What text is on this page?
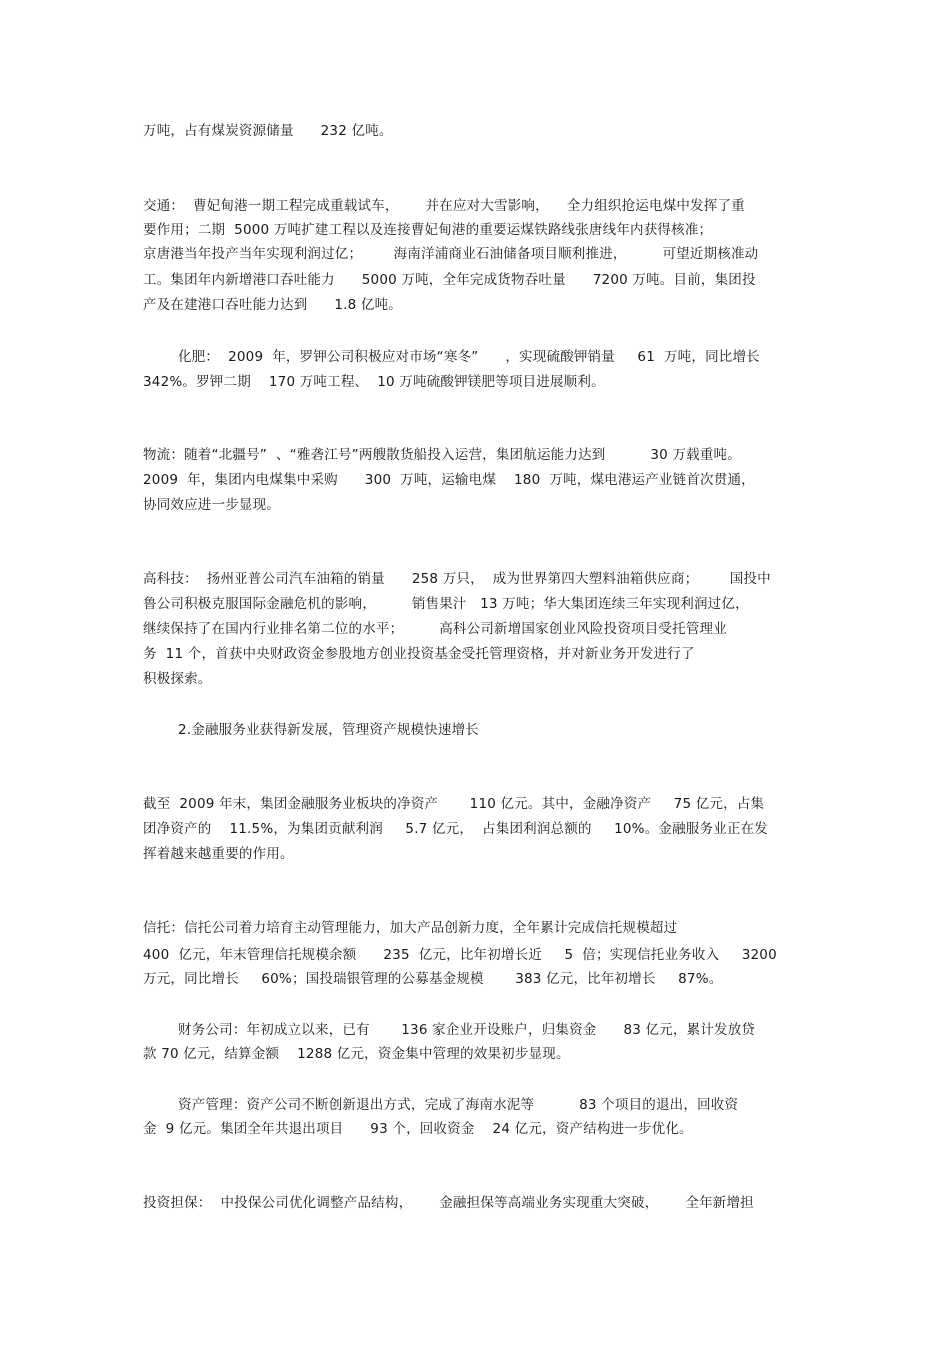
万吨，占有煤炭资源储量      232 亿吨。
交通：  曹妃甸港一期工程完成重载试车，      并在应对大雪影响，    全力组织抢运电煤中发挥了重
要作用；二期  5000 万吨扩建工程以及连接曹妃甸港的重要运煤铁路线张唐线年内获得核准；
京唐港当年投产当年实现利润过亿；       海南洋浦商业石油储备项目顺利推进，        可望近期核准动
工。集团年内新增港口吞吐能力      5000 万吨，全年完成货物吞吐量      7200 万吨。目前，集团投
产及在建港口吞吐能力达到      1.8 亿吨。
化肥：  2009  年，罗钾公司积极应对市场“寒冬”      ，实现硫酸钾销量     61  万吨，同比增长
342%。罗钾二期    170 万吨工程、  10 万吨硫酸钾镁肥等项目进展顺利。
物流：随着“北疆号”  、“雅砻江号”两艘散货船投入运营，集团航运能力达到          30 万载重吨。
2009  年，集团内电煤集中采购      300  万吨，运输电煤    180  万吨，煤电港运产业链首次贯通，
协同效应进一步显现。
高科技：  扬州亚普公司汽车油箱的销量      258 万只，  成为世界第四大塑料油箱供应商；       国投中
鲁公司积极克服国际金融危机的影响，        销售果汁   13 万吨；华大集团连续三年实现利润过亿，
继续保持了在国内行业排名第二位的水平；        高科公司新增国家创业风险投资项目受托管理业
务  11 个，首获中央财政资金参股地方创业投资基金受托管理资格，并对新业务开发进行了
积极探索。
2.金融服务业获得新发展，管理资产规模快速增长
截至  2009 年末，集团金融服务业板块的净资产       110 亿元。其中，金融净资产     75 亿元，占集
团净资产的    11.5%，为集团贡献利润     5.7 亿元，  占集团利润总额的     10%。金融服务业正在发
挥着越来越重要的作用。
信托：信托公司着力培育主动管理能力，加大产品创新力度，全年累计完成信托规模超过
400  亿元，年末管理信托规模余额      235  亿元，比年初增长近     5  倍；实现信托业务收入     3200
万元，同比增长     60%；国投瑞银管理的公募基金规模       383 亿元，比年初增长     87%。
财务公司：年初成立以来，已有       136 家企业开设账户，归集资金      83 亿元，累计发放贷
款 70 亿元，结算金额    1288 亿元，资金集中管理的效果初步显现。
资产管理：资产公司不断创新退出方式，完成了海南水泥等          83 个项目的退出，回收资
金  9 亿元。集团全年共退出项目      93 个，回收资金    24 亿元，资产结构进一步优化。
投资担保：  中投保公司优化调整产品结构，      金融担保等高端业务实现重大突破，      全年新增担
